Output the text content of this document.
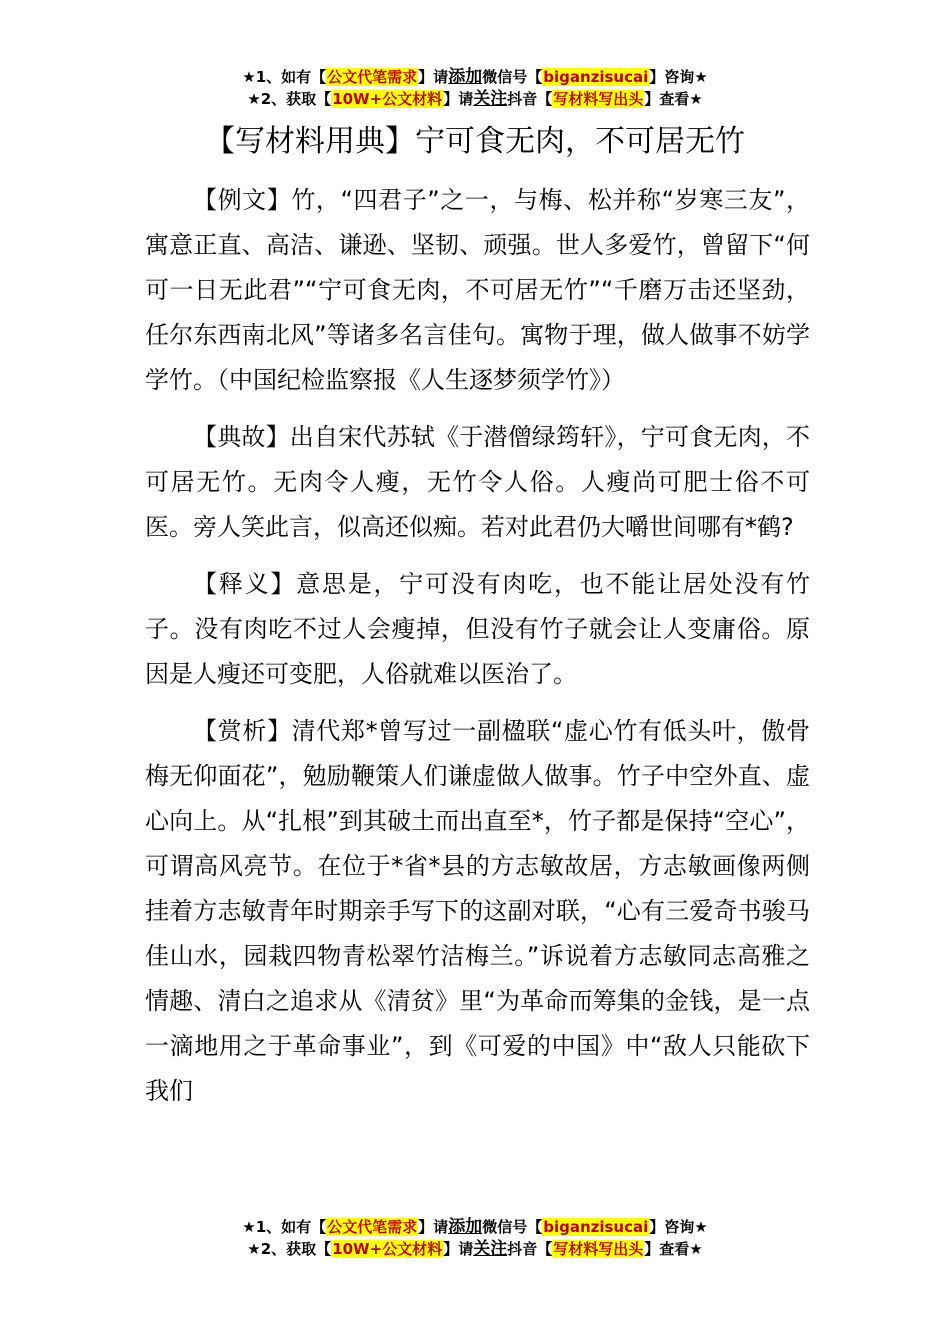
★1、如有【公文代笔需求】请添加微信号【biganzisucai】咨询★
★2、获取【10W+公文材料】请关注抖音【写材料写出头】查看★
【写材料用典】宁可食无肉，不可居无竹

【例文】竹，“四君子”之一，与梅、松并称“岁寒三友”，寓意正直、高洁、谦逊、坚韧、顽强。世人多爱竹，曾留下“何可一日无此君”“宁可食无肉，不可居无竹”“千磨万击还坚劲，任尔东西南北风”等诸多名言佳句。寓物于理，做人做事不妨学学竹。（中国纪检监察报《人生逐梦须学竹》）

【典故】出自宋代苏轼《于潜僧绿筠轩》，宁可食无肉，不可居无竹。无肉令人瘦，无竹令人俗。人瘦尚可肥士俗不可医。旁人笑此言，似高还似痴。若对此君仍大嚼世间哪有*鹤?

【释义】意思是，宁可没有肉吃，也不能让居处没有竹子。没有肉吃不过人会瘦掉，但没有竹子就会让人变庸俗。原因是人瘦还可变肥，人俗就难以医治了。

【赏析】清代郑*曾写过一副楹联“虚心竹有低头叶，傲骨梅无仰面花”，勉励鞭策人们谦虚做人做事。竹子中空外直、虚心向上。从“扎根”到其破土而出直至*，竹子都是保持“空心”，可谓高风亮节。在位于*省*县的方志敏故居，方志敏画像两侧挂着方志敏青年时期亲手写下的这副对联，“心有三爱奇书骏马佳山水，园栽四物青松翠竹洁梅兰。”诉说着方志敏同志高雅之情趣、清白之追求从《清贫》里“为革命而筹集的金钱，是一点一滴地用之于革命事业”，到《可爱的中国》中“敌人只能砍下我们

★1、如有【公文代笔需求】请添加微信号【biganzisucai】咨询★
★2、获取【10W+公文材料】请关注抖音【写材料写出头】查看★
